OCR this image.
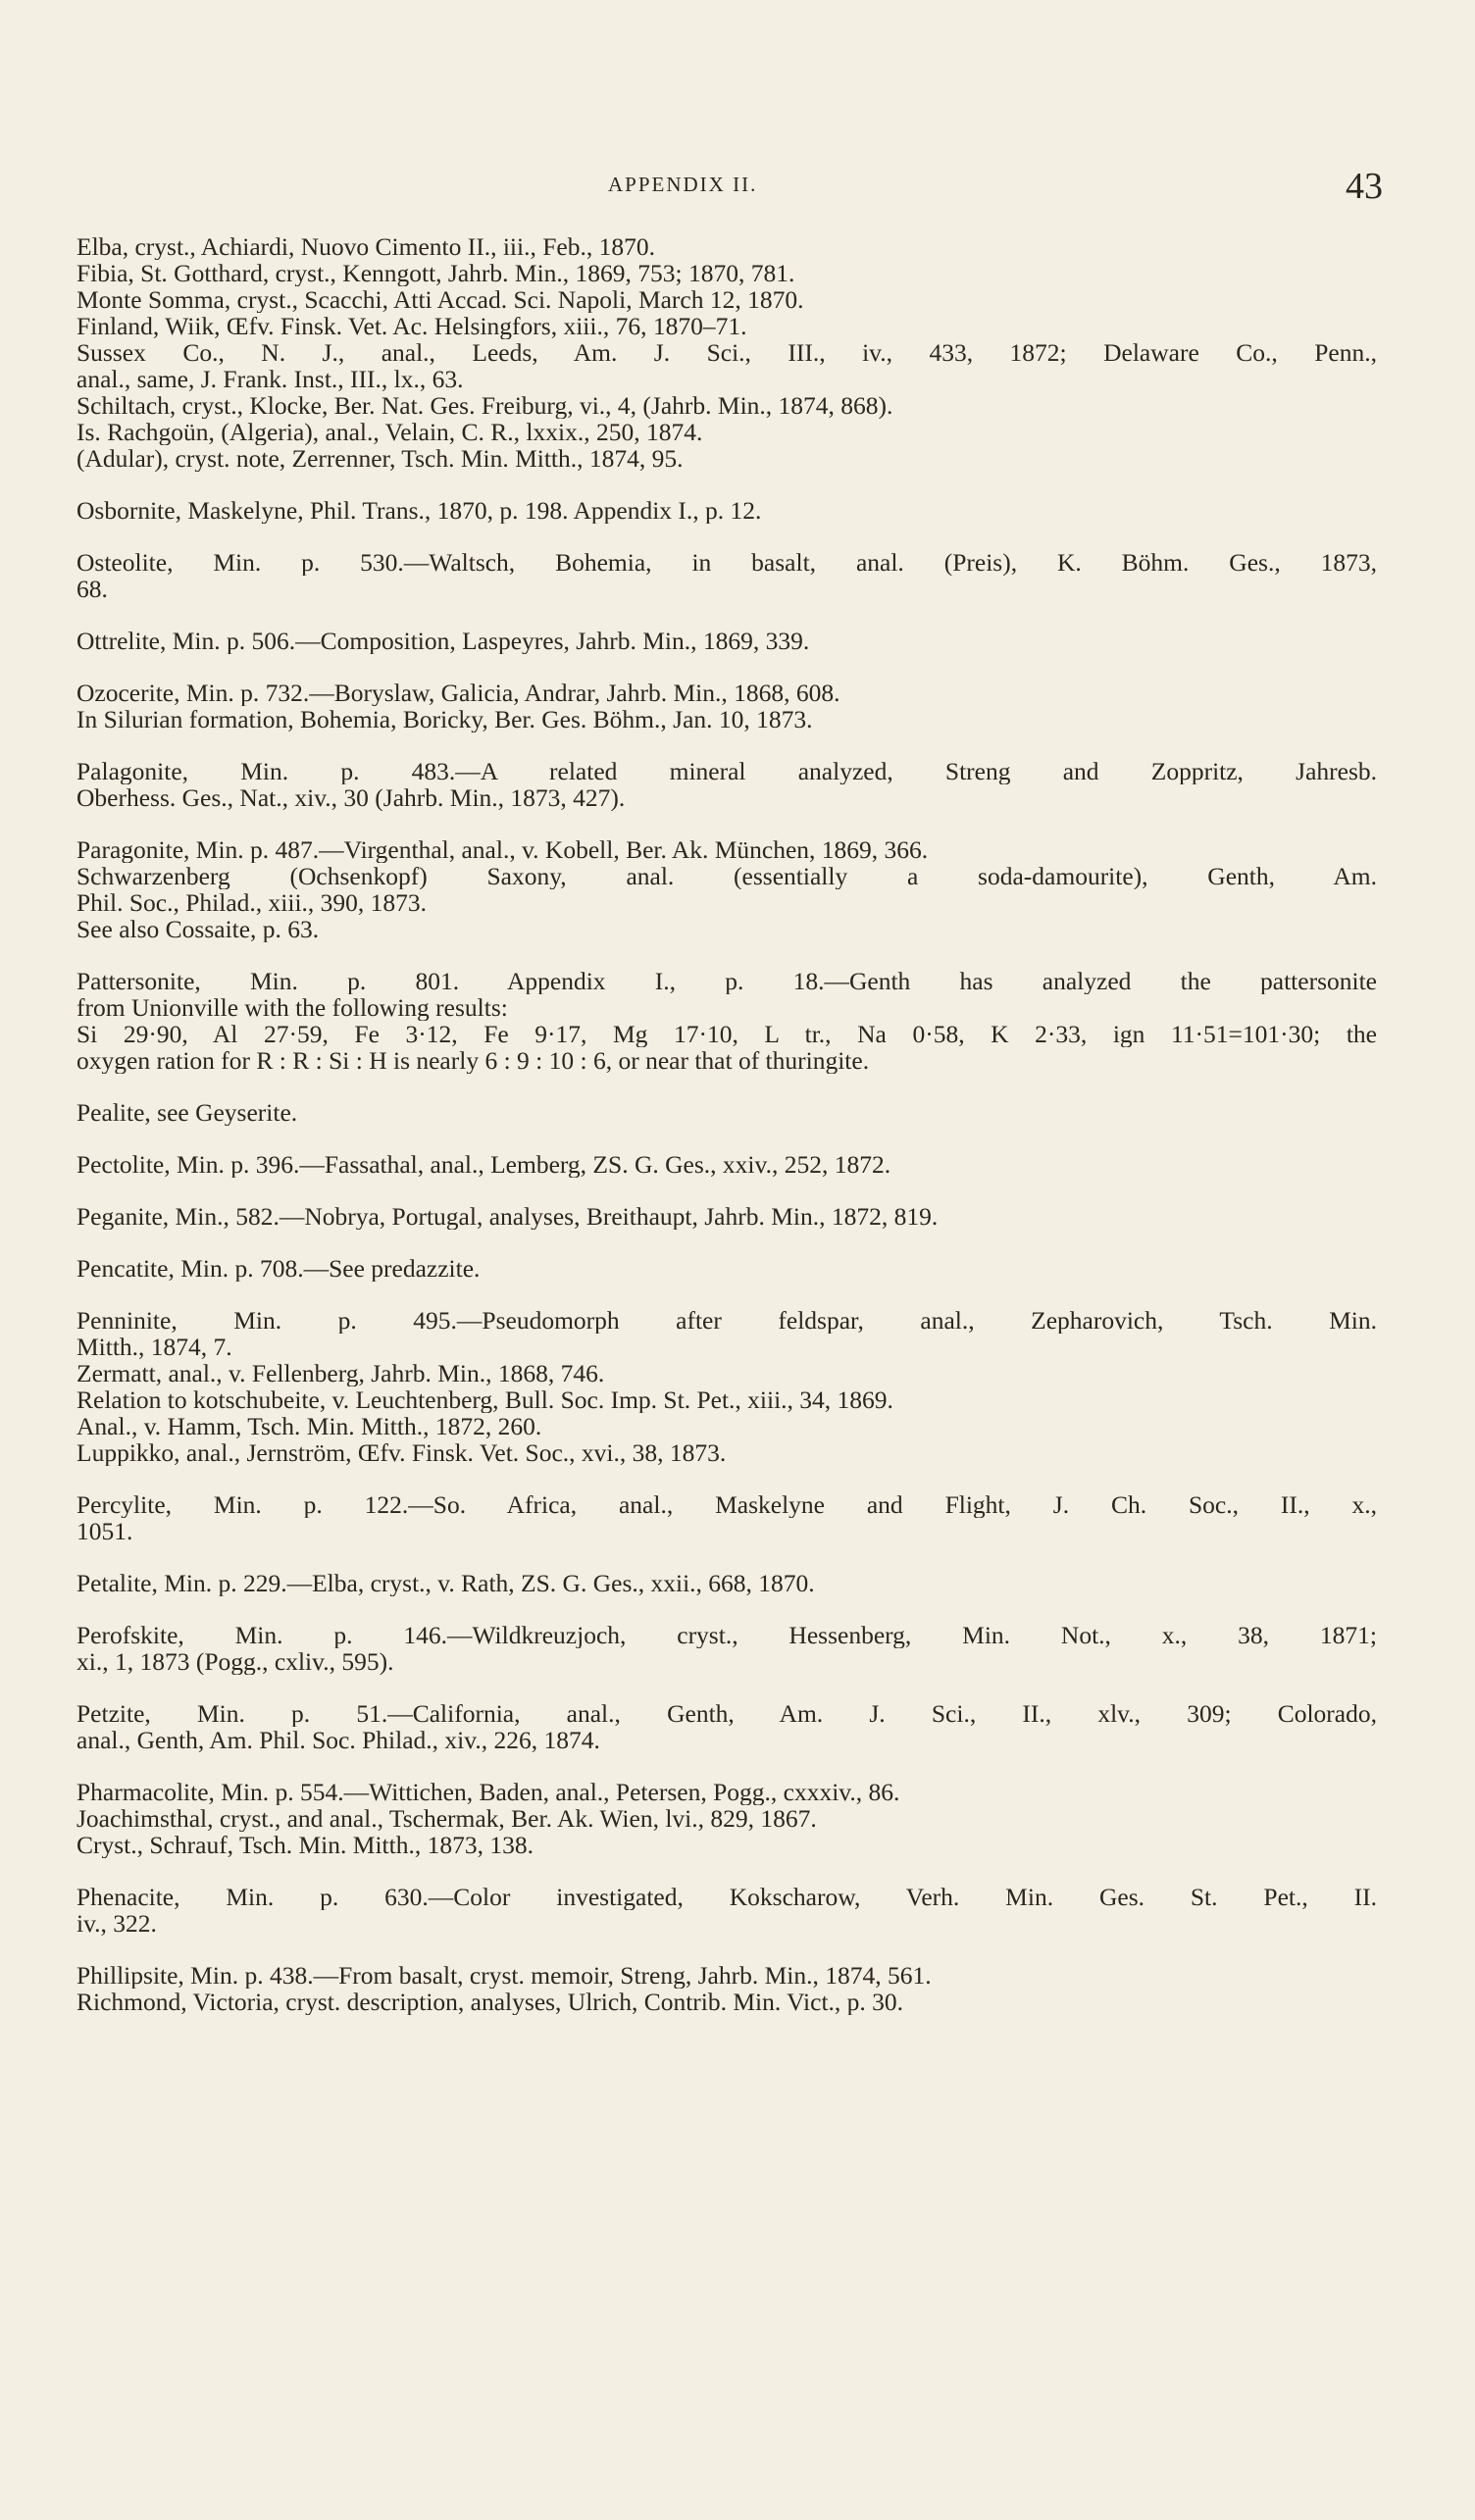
APPENDIX II.	43
Elba, cryst., Achiardi, Nuovo Cimento II., iii., Feb., 1870.
Fibia, St. Gotthard, cryst., Kenngott, Jahrb. Min., 1869, 753; 1870, 781.
Monte Somma, cryst., Scacchi, Atti Accad. Sci. Napoli, March 12, 1870.
Finland, Wiik, Œfv. Finsk. Vet. Ac. Helsingfors, xiii., 76, 1870–71.
Sussex Co., N. J., anal., Leeds, Am. J. Sci., III., iv., 433, 1872; Delaware Co., Penn.,
anal., same, J. Frank. Inst., III., lx., 63.
Schiltach, cryst., Klocke, Ber. Nat. Ges. Freiburg, vi., 4, (Jahrb. Min., 1874, 868).
Is. Rachgoün, (Algeria), anal., Velain, C. R., lxxix., 250, 1874.
(Adular), cryst. note, Zerrenner, Tsch. Min. Mitth., 1874, 95.
Osbornite, Maskelyne, Phil. Trans., 1870, p. 198. Appendix I., p. 12.
Osteolite, Min. p. 530.—Waltsch, Bohemia, in basalt, anal. (Preis), K. Böhm. Ges., 1873,
68.
Ottrelite, Min. p. 506.—Composition, Laspeyres, Jahrb. Min., 1869, 339.
Ozocerite, Min. p. 732.—Boryslaw, Galicia, Andrar, Jahrb. Min., 1868, 608.
In Silurian formation, Bohemia, Boricky, Ber. Ges. Böhm., Jan. 10, 1873.
Palagonite, Min. p. 483.—A related mineral analyzed, Streng and Zoppritz, Jahresb.
Oberhess. Ges., Nat., xiv., 30 (Jahrb. Min., 1873, 427).
Paragonite, Min. p. 487.—Virgenthal, anal., v. Kobell, Ber. Ak. München, 1869, 366.
Schwarzenberg (Ochsenkopf) Saxony, anal. (essentially a soda-damourite), Genth, Am.
Phil. Soc., Philad., xiii., 390, 1873.
See also Cossaite, p. 63.
Pattersonite, Min. p. 801. Appendix I., p. 18.—Genth has analyzed the pattersonite
from Unionville with the following results:
Si 29·90, Al 27·59, Fe 3·12, Fe 9·17, Mg 17·10, L tr., Na 0·58, K 2·33, ign 11·51=101·30; the
oxygen ration for R : R : Si : H is nearly 6 : 9 : 10 : 6, or near that of thuringite.
Pealite, see Geyserite.
Pectolite, Min. p. 396.—Fassathal, anal., Lemberg, ZS. G. Ges., xxiv., 252, 1872.
Peganite, Min., 582.—Nobrya, Portugal, analyses, Breithaupt, Jahrb. Min., 1872, 819.
Pencatite, Min. p. 708.—See predazzite.
Penninite, Min. p. 495.—Pseudomorph after feldspar, anal., Zepharovich, Tsch. Min.
Mitth., 1874, 7.
Zermatt, anal., v. Fellenberg, Jahrb. Min., 1868, 746.
Relation to kotschubeite, v. Leuchtenberg, Bull. Soc. Imp. St. Pet., xiii., 34, 1869.
Anal., v. Hamm, Tsch. Min. Mitth., 1872, 260.
Luppikko, anal., Jernström, Œfv. Finsk. Vet. Soc., xvi., 38, 1873.
Percylite, Min. p. 122.—So. Africa, anal., Maskelyne and Flight, J. Ch. Soc., II., x.,
1051.
Petalite, Min. p. 229.—Elba, cryst., v. Rath, ZS. G. Ges., xxii., 668, 1870.
Perofskite, Min. p. 146.—Wildkreuzjoch, cryst., Hessenberg, Min. Not., x., 38, 1871;
xi., 1, 1873 (Pogg., cxliv., 595).
Petzite, Min. p. 51.—California, anal., Genth, Am. J. Sci., II., xlv., 309; Colorado,
anal., Genth, Am. Phil. Soc. Philad., xiv., 226, 1874.
Pharmacolite, Min. p. 554.—Wittichen, Baden, anal., Petersen, Pogg., cxxxiv., 86.
Joachimsthal, cryst., and anal., Tschermak, Ber. Ak. Wien, lvi., 829, 1867.
Cryst., Schrauf, Tsch. Min. Mitth., 1873, 138.
Phenacite, Min. p. 630.—Color investigated, Kokscharow, Verh. Min. Ges. St. Pet., II.
iv., 322.
Phillipsite, Min. p. 438.—From basalt, cryst. memoir, Streng, Jahrb. Min., 1874, 561.
Richmond, Victoria, cryst. description, analyses, Ulrich, Contrib. Min. Vict., p. 30.
